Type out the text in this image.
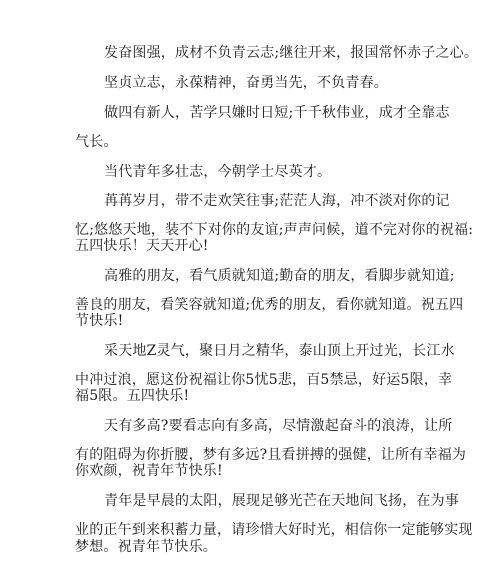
发奋图强，成材不负青云志;继往开来，报国常怀赤子之心。
坚贞立志，永葆精神，奋勇当先，不负青春。
做四有新人，苦学只嫌时日短;千千秋伟业，成才全靠志
气长。
当代青年多壮志，今朝学士尽英才。
苒苒岁月，带不走欢笑往事;茫茫人海，冲不淡对你的记
忆;悠悠天地，装不下对你的友谊;声声问候，道不完对你的祝福:
五四快乐！天天开心!
高雅的朋友，看气质就知道;勤奋的朋友，看脚步就知道;
善良的朋友，看笑容就知道;优秀的朋友，看你就知道。祝五四
节快乐!
采天地Z灵气，聚日月之精华，泰山顶上开过光，长江水
中冲过浪，愿这份祝福让你5忧5悲，百5禁忌，好运5限，幸
福5限。五四快乐!
天有多高?要看志向有多高，尽情激起奋斗的浪涛，让所
有的阻碍为你折腰，梦有多远?且看拼搏的强健，让所有幸福为
你欢颜，祝青年节快乐!
青年是早晨的太阳，展现足够光芒在天地间飞扬，在为事
业的正午到来积蓄力量，请珍惜大好时光，相信你一定能够实现
梦想。祝青年节快乐。
